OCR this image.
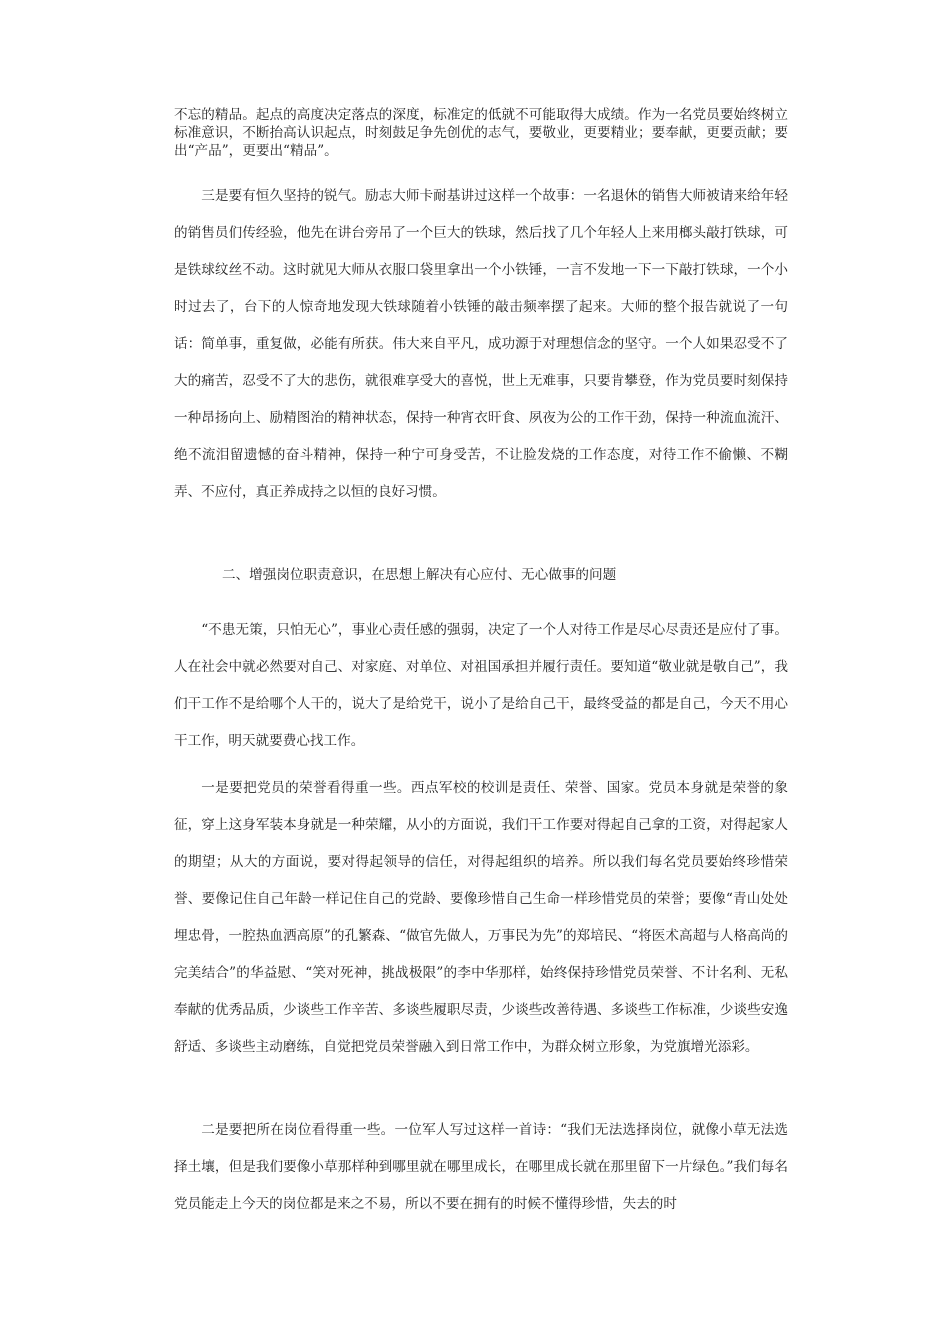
不忘的精品。起点的高度决定落点的深度，标准定的低就不可能取得大成绩。作为一名党员要始终树立标准意识，不断抬高认识起点，时刻鼓足争先创优的志气，要敬业，更要精业；要奉献，更要贡献；要出“产品”，更要出“精品”。

三是要有恒久坚持的锐气。励志大师卡耐基讲过这样一个故事：一名退休的销售大师被请来给年轻的销售员们传经验，他先在讲台旁吊了一个巨大的铁球，然后找了几个年轻人上来用榔头敲打铁球，可是铁球纹丝不动。这时就见大师从衣服口袋里拿出一个小铁锤，一言不发地一下一下敲打铁球，一个小时过去了，台下的人惊奇地发现大铁球随着小铁锤的敲击频率摆了起来。大师的整个报告就说了一句话：简单事，重复做，必能有所获。伟大来自平凡，成功源于对理想信念的坚守。一个人如果忍受不了大的痛苦，忍受不了大的悲伤，就很难享受大的喜悦，世上无难事，只要肯攀登，作为党员要时刻保持一种昂扬向上、励精图治的精神状态，保持一种宵衣旰食、夙夜为公的工作干劲，保持一种流血流汗、绝不流泪留遗憾的奋斗精神，保持一种宁可身受苦，不让脸发烧的工作态度，对待工作不偷懒、不糊弄、不应付，真正养成持之以恒的良好习惯。

二、增强岗位职责意识，在思想上解决有心应付、无心做事的问题

“不患无策，只怕无心”，事业心责任感的强弱，决定了一个人对待工作是尽心尽责还是应付了事。人在社会中就必然要对自己、对家庭、对单位、对祖国承担并履行责任。要知道“敬业就是敬自己”，我们干工作不是给哪个人干的，说大了是给党干，说小了是给自己干，最终受益的都是自己，今天不用心干工作，明天就要费心找工作。

一是要把党员的荣誉看得重一些。西点军校的校训是责任、荣誉、国家。党员本身就是荣誉的象征，穿上这身军装本身就是一种荣耀，从小的方面说，我们干工作要对得起自己拿的工资，对得起家人的期望；从大的方面说，要对得起领导的信任，对得起组织的培养。所以我们每名党员要始终珍惜荣誉、要像记住自己年龄一样记住自己的党龄、要像珍惜自己生命一样珍惜党员的荣誉；要像“青山处处埋忠骨，一腔热血洒高原”的孔繁森、“做官先做人，万事民为先”的郑培民、“将医术高超与人格高尚的完美结合”的华益慰、“笑对死神，挑战极限”的李中华那样，始终保持珍惜党员荣誉、不计名利、无私奉献的优秀品质，少谈些工作辛苦、多谈些履职尽责，少谈些改善待遇、多谈些工作标准，少谈些安逸舒适、多谈些主动磨练，自觉把党员荣誉融入到日常工作中，为群众树立形象，为党旗增光添彩。

二是要把所在岗位看得重一些。一位军人写过这样一首诗：“我们无法选择岗位，就像小草无法选择土壤，但是我们要像小草那样种到哪里就在哪里成长，在哪里成长就在那里留下一片绿色。”我们每名党员能走上今天的岗位都是来之不易，所以不要在拥有的时候不懂得珍惜，失去的时
